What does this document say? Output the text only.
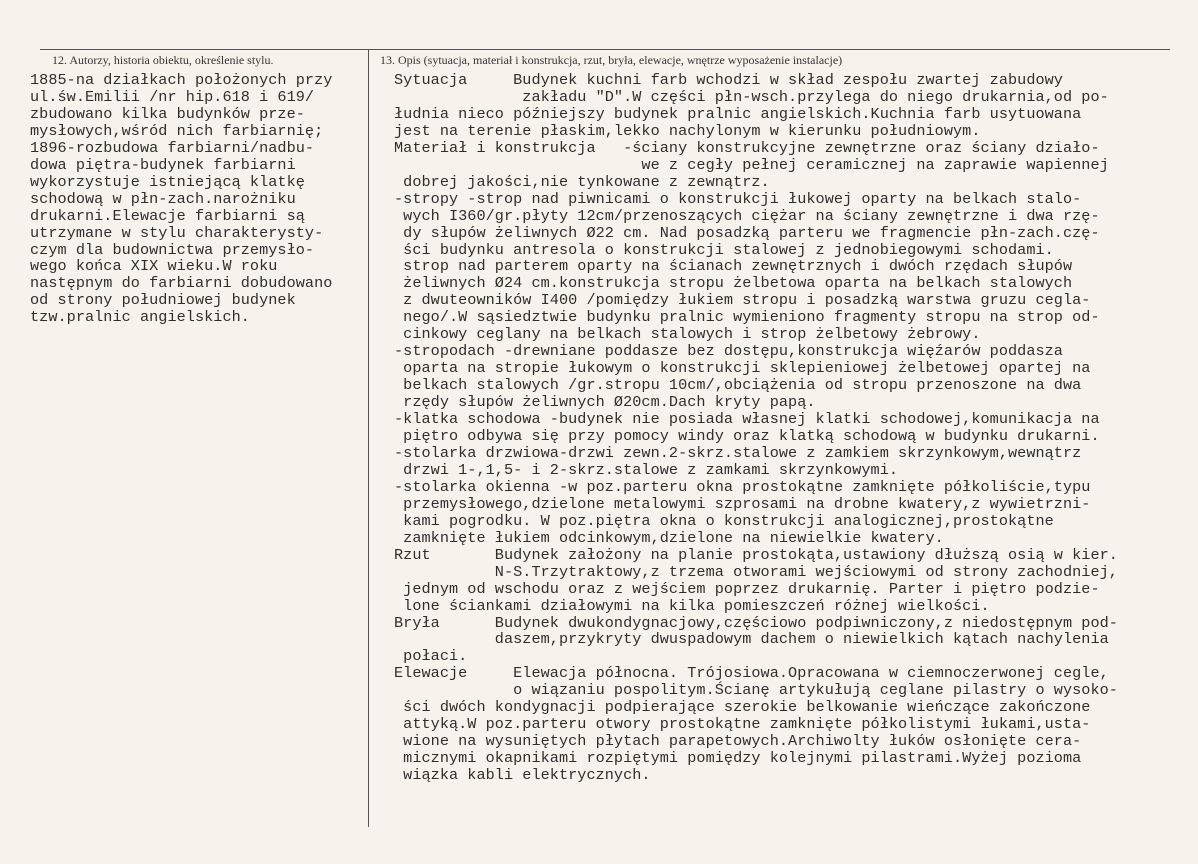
12. Autorzy, historia obiektu, określenie stylu.	13. Opis (sytuacja, materiał i konstrukcja, rzut, bryła, elewacje, wnętrze wyposażenie instalacje)
1885-na działkach położonych przy
ul.św.Emilii /nr hip.618 i 619/
zbudowano kilka budynków prze-
mysłowych,wśród nich farbiarnię;
1896-rozbudowa farbiarni/nadbu-
dowa piętra-budynek farbiarni
wykorzystuje istniejącą klatkę
schodową w płn-zach.narożniku
drukarni.Elewacje farbiarni są
utrzymane w stylu charakterysty-
czym dla budownictwa przemysło-
wego końca XIX wieku.W roku
następnym do farbiarni dobudowano
od strony południowej budynek
tzw.pralnic angielskich.
Sytuacja     Budynek kuchni farb wchodzi w skład zespołu zwartej zabudowy
zakładu "D".W części płn-wsch.przylega do niego drukarnia,od po-
łudnia nieco późniejszy budynek pralnic angielskich.Kuchnia farb usytuowana
jest na terenie płaskim,lekko nachylonym w kierunku południowym.
Materiał i konstrukcja   -ściany konstrukcyjne zewnętrzne oraz ściany działo-
we z cegły pełnej ceramicznej na zaprawie wapiennej
dobrej jakości,nie tynkowane z zewnątrz.
-stropy -strop nad piwnicami o konstrukcji łukowej oparty na belkach stalo-
wych I360/gr.płyty 12cm/przenoszących ciężar na ściany zewnętrzne i dwa rzę-
dy słupów żeliwnych Ø22 cm. Nad posadzką parteru we fragmencie płn-zach.czę-
ści budynku antresola o konstrukcji stalowej z jednobiegowymi schodami.
strop nad parterem oparty na ścianach zewnętrznych i dwóch rzędach słupów
żeliwnych Ø24 cm.konstrukcja stropu żelbetowa oparta na belkach stalowych
z dwuteowników I400 /pomiędzy łukiem stropu i posadzką warstwa gruzu cegla-
nego/.W sąsiedztwie budynku pralnic wymieniono fragmenty stropu na strop od-
cinkowy ceglany na belkach stalowych i strop żelbetowy żebrowy.
-stropodach -drewniane poddasze bez dostępu,konstrukcja więźarów poddasza
oparta na stropie łukowym o konstrukcji sklepieniowej żelbetowej opartej na
belkach stalowych /gr.stropu 10cm/,obciążenia od stropu przenoszone na dwa
rzędy słupów żeliwnych Ø20cm.Dach kryty papą.
-klatka schodowa -budynek nie posiada własnej klatki schodowej,komunikacja na
piętro odbywa się przy pomocy windy oraz klatką schodową w budynku drukarni.
-stolarka drzwiowa-drzwi zewn.2-skrz.stalowe z zamkiem skrzynkowym,wewnątrz
drzwi 1-,1,5- i 2-skrz.stalowe z zamkami skrzynkowymi.
-stolarka okienna -w poz.parteru okna prostokątne zamknięte półkoliście,typu
przemysłowego,dzielone metalowymi szprosami na drobne kwatery,z wywietrzni-
kami pogrodku. W poz.piętra okna o konstrukcji analogicznej,prostokątne
zamknięte łukiem odcinkowym,dzielone na niewielkie kwatery.
Rzut       Budynek założony na planie prostokąta,ustawiony dłuższą osią w kier.
N-S.Trzytraktowy,z trzema otworami wejściowymi od strony zachodniej,
jednym od wschodu oraz z wejściem poprzez drukarnię. Parter i piętro podzie-
lone ściankami działowymi na kilka pomieszczeń różnej wielkości.
Bryła      Budynek dwukondygnacjowy,częściowo podpiwniczony,z niedostępnym pod-
daszem,przykryty dwuspadowym dachem o niewielkich kątach nachylenia
połaci.
Elewacje     Elewacja północna. Trójosiowa.Opracowana w ciemnoczerwonej cegle,
o wiązaniu pospolitym.Ścianę artykułują ceglane pilastry o wysoko-
ści dwóch kondygnacji podpierające szerokie belkowanie wieńczące zakończone
attyką.W poz.parteru otwory prostokątne zamknięte półkolistymi łukami,usta-
wione na wysuniętych płytach parapetowych.Archiwolty łuków osłonięte cera-
micznymi okapnikami rozpiętymi pomiędzy kolejnymi pilastrami.Wyżej pozioma
wiązka kabli elektrycznych.
